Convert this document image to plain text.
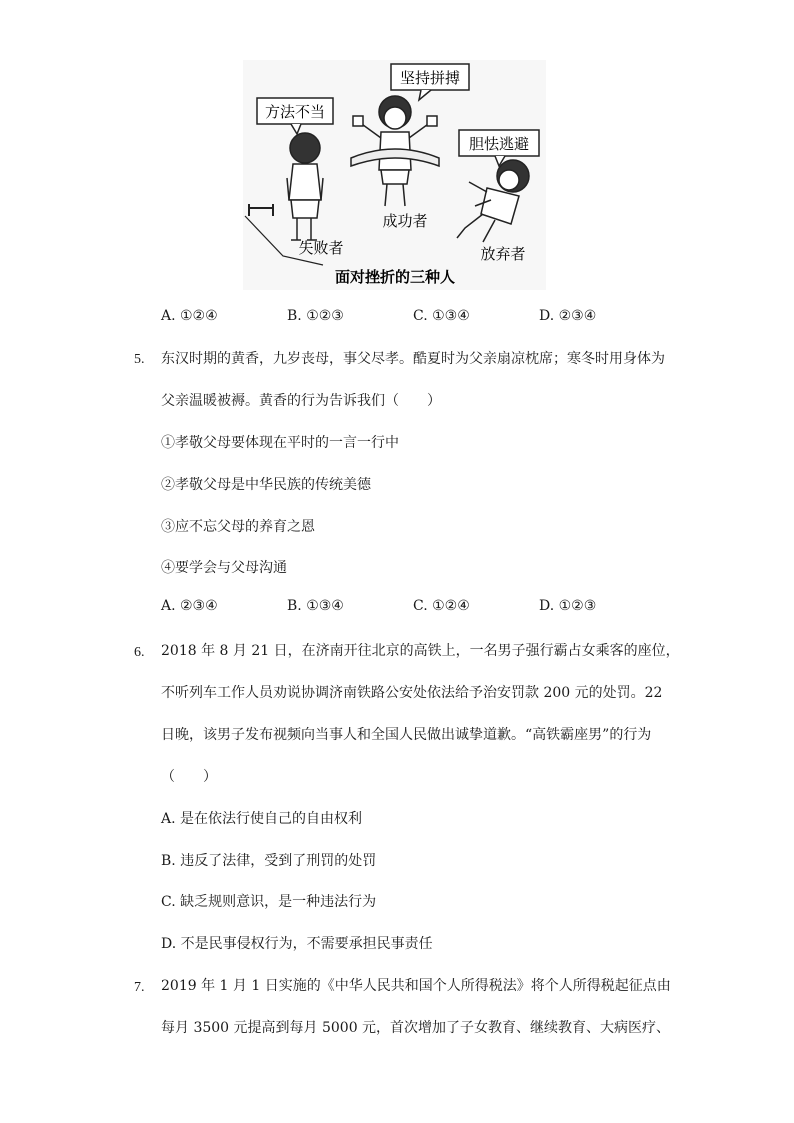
方法不当
坚持拼搏
胆怯逃避
失败者
成功者
放弃者
面对挫折的三种人
A. ①②④	B. ①②③	C. ①③④	D. ②③④
5. 东汉时期的黄香，九岁丧母，事父尽孝。酷夏时为父亲扇凉枕席；寒冬时用身体为
父亲温暖被褥。黄香的行为告诉我们（　　）
①孝敬父母要体现在平时的一言一行中
②孝敬父母是中华民族的传统美德
③应不忘父母的养育之恩
④要学会与父母沟通
A. ②③④	B. ①③④	C. ①②④	D. ①②③
6. 2018 年 8 月 21 日，在济南开往北京的高铁上，一名男子强行霸占女乘客的座位，
不听列车工作人员劝说协调济南铁路公安处依法给予治安罚款 200 元的处罚。22
日晚，该男子发布视频向当事人和全国人民做出诚挚道歉。“高铁霸座男”的行为
（　　）
A. 是在依法行使自己的自由权利
B. 违反了法律，受到了刑罚的处罚
C. 缺乏规则意识，是一种违法行为
D. 不是民事侵权行为，不需要承担民事责任
7. 2019 年 1 月 1 日实施的《中华人民共和国个人所得税法》将个人所得税起征点由
每月 3500 元提高到每月 5000 元，首次增加了子女教育、继续教育、大病医疗、
